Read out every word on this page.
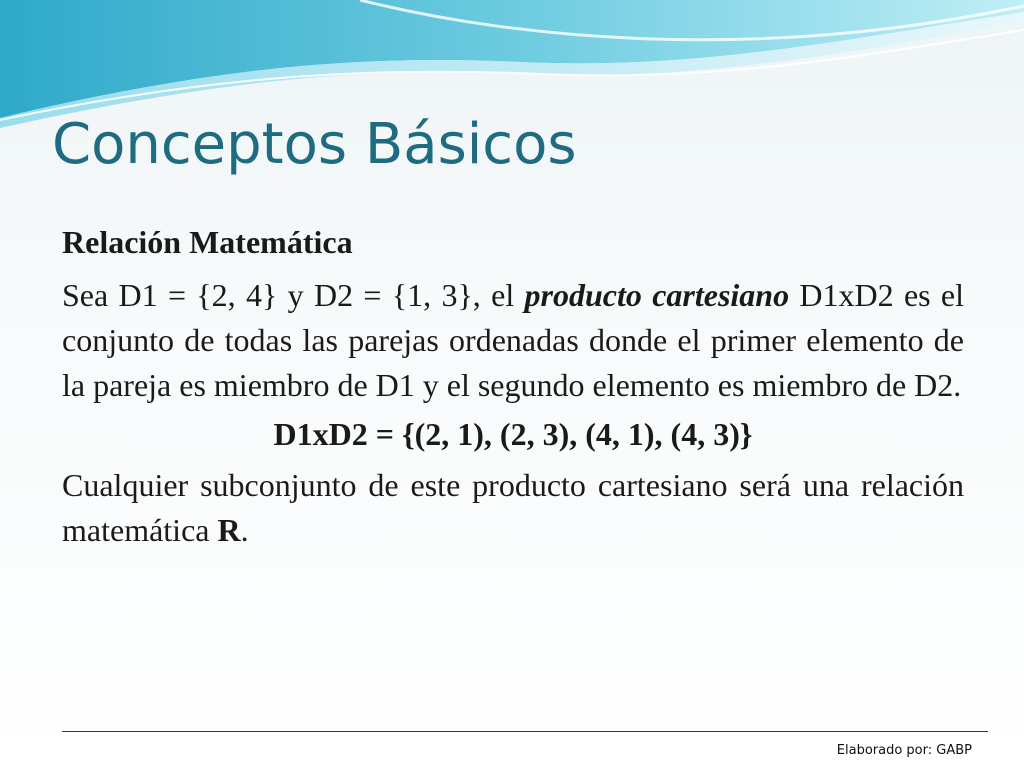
Conceptos Básicos
Relación Matemática

Sea D1 = {2, 4} y D2 = {1, 3}, el producto cartesiano D1xD2 es el conjunto de todas las parejas ordenadas donde el primer elemento de la pareja es miembro de D1 y el segundo elemento es miembro de D2.

D1xD2 = {(2, 1), (2, 3), (4, 1), (4, 3)}

Cualquier subconjunto de este producto cartesiano será una relación matemática R.

Elaborado por: GABP
